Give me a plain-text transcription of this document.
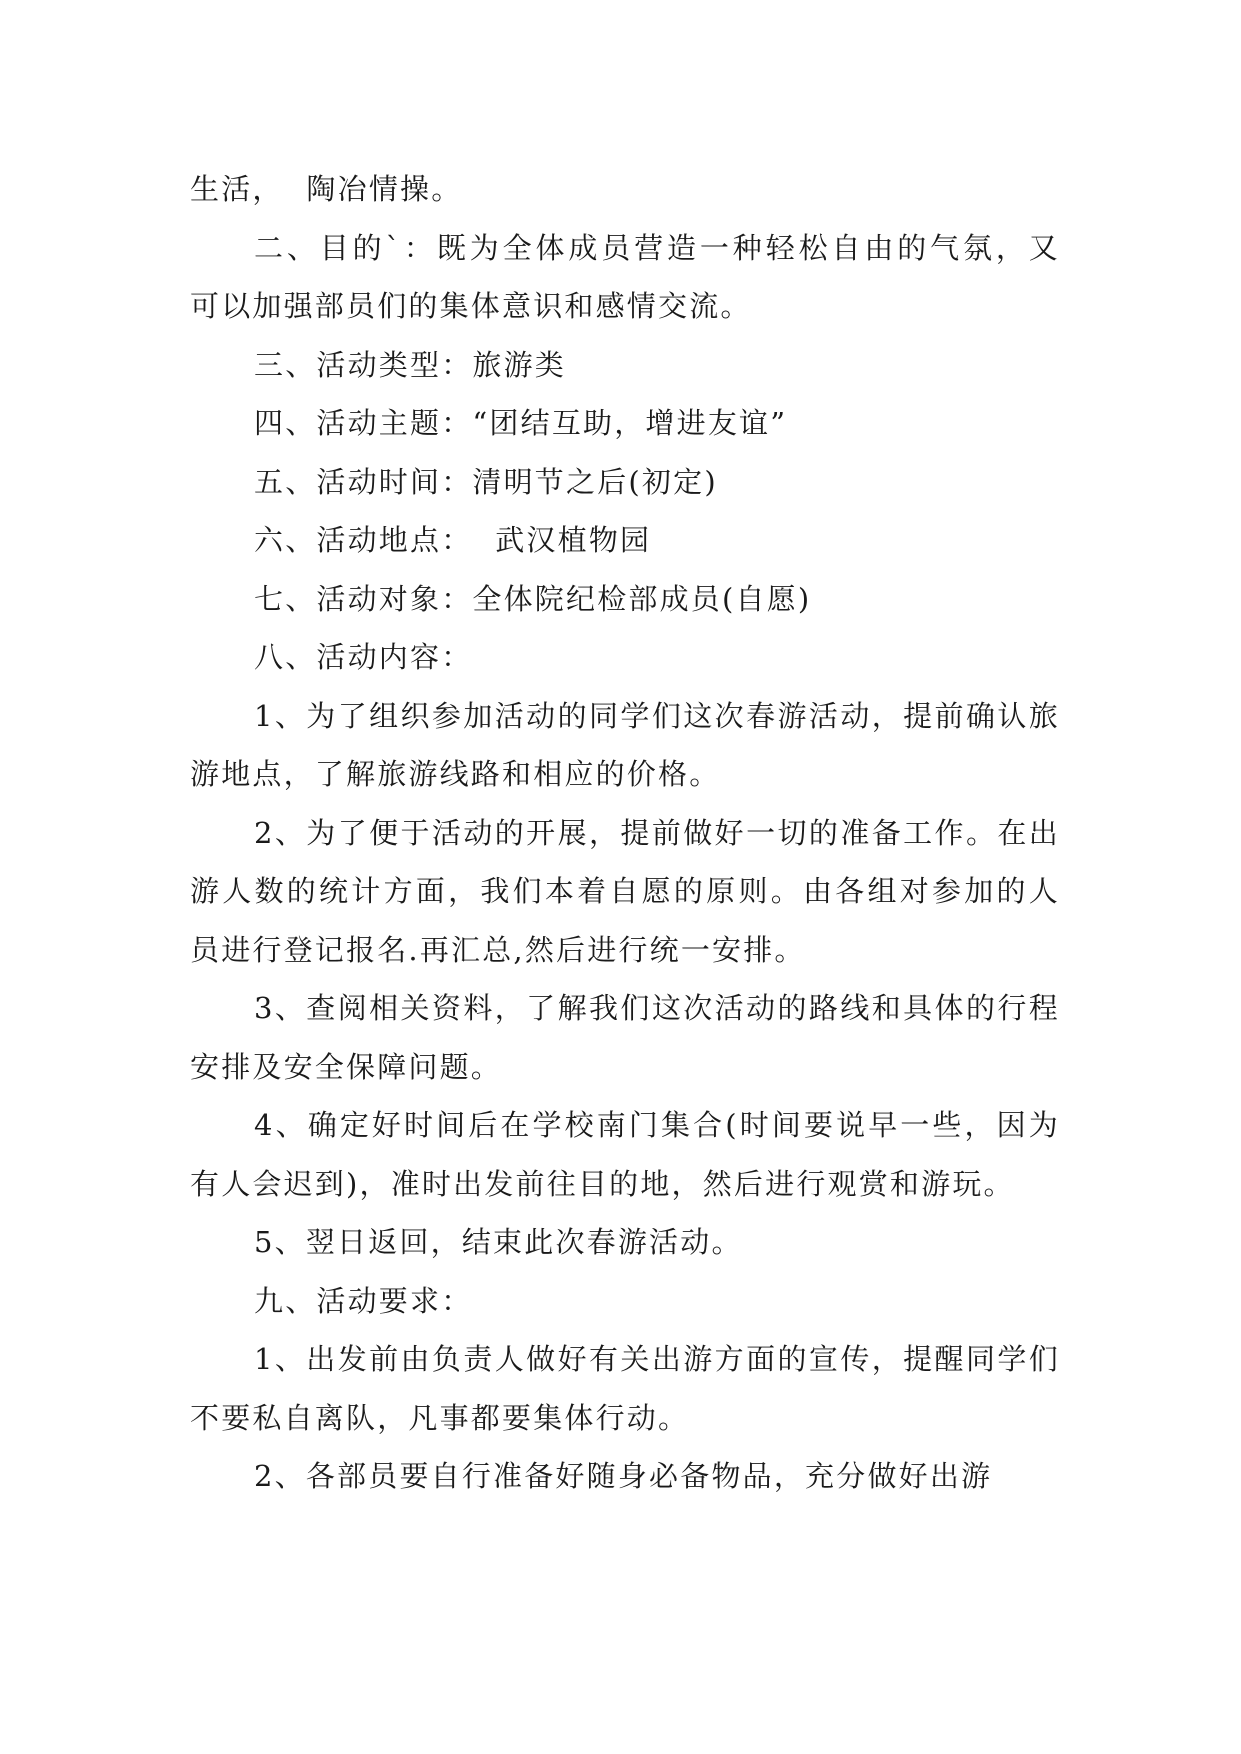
生活，  陶冶情操。

二、目的`：既为全体成员营造一种轻松自由的气氛，又 可以加强部员们的集体意识和感情交流。

三、活动类型：旅游类

四、活动主题：“团结互助，增进友谊”

五、活动时间：清明节之后(初定)

六、活动地点：  武汉植物园

七、活动对象：全体院纪检部成员(自愿)

八、活动内容：

1、为了组织参加活动的同学们这次春游活动，提前确认旅游地点，了解旅游线路和相应的价格。

2、为了便于活动的开展，提前做好一切的准备工作。在出游人数的统计方面，我们本着自愿的原则。由各组对参加的人员进行登记报名.再汇总,然后进行统一安排。

3、查阅相关资料，了解我们这次活动的路线和具体的行程安排及安全保障问题。

4、确定好时间后在学校南门集合(时间要说早一些，因为有人会迟到)，准时出发前往目的地，然后进行观赏和游玩。

5、翌日返回，结束此次春游活动。

九、活动要求：

1、出发前由负责人做好有关出游方面的宣传，提醒同学们不要私自离队，凡事都要集体行动。

2、各部员要自行准备好随身必备物品，充分做好出游
